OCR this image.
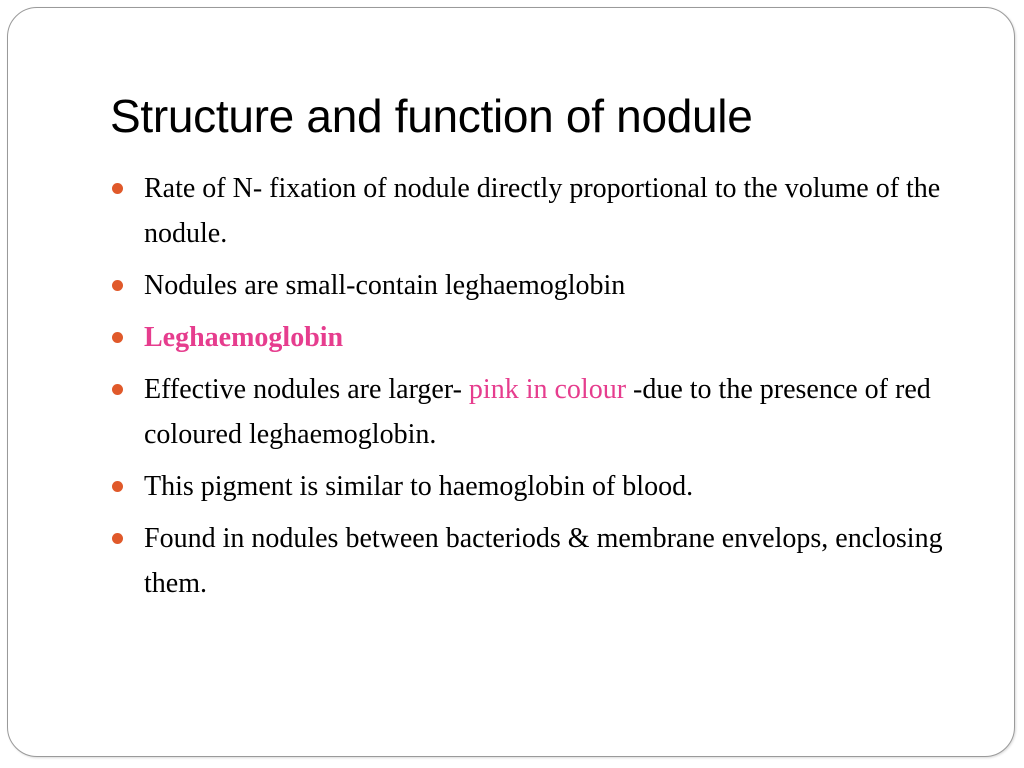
Structure and function of nodule
Rate of N- fixation of nodule directly proportional to the volume of the nodule.
Nodules are small-contain leghaemoglobin
Leghaemoglobin
Effective nodules are larger- pink in colour -due to the presence of red coloured leghaemoglobin.
This pigment is similar to haemoglobin of blood.
Found in nodules between bacteriods & membrane envelops, enclosing them.
